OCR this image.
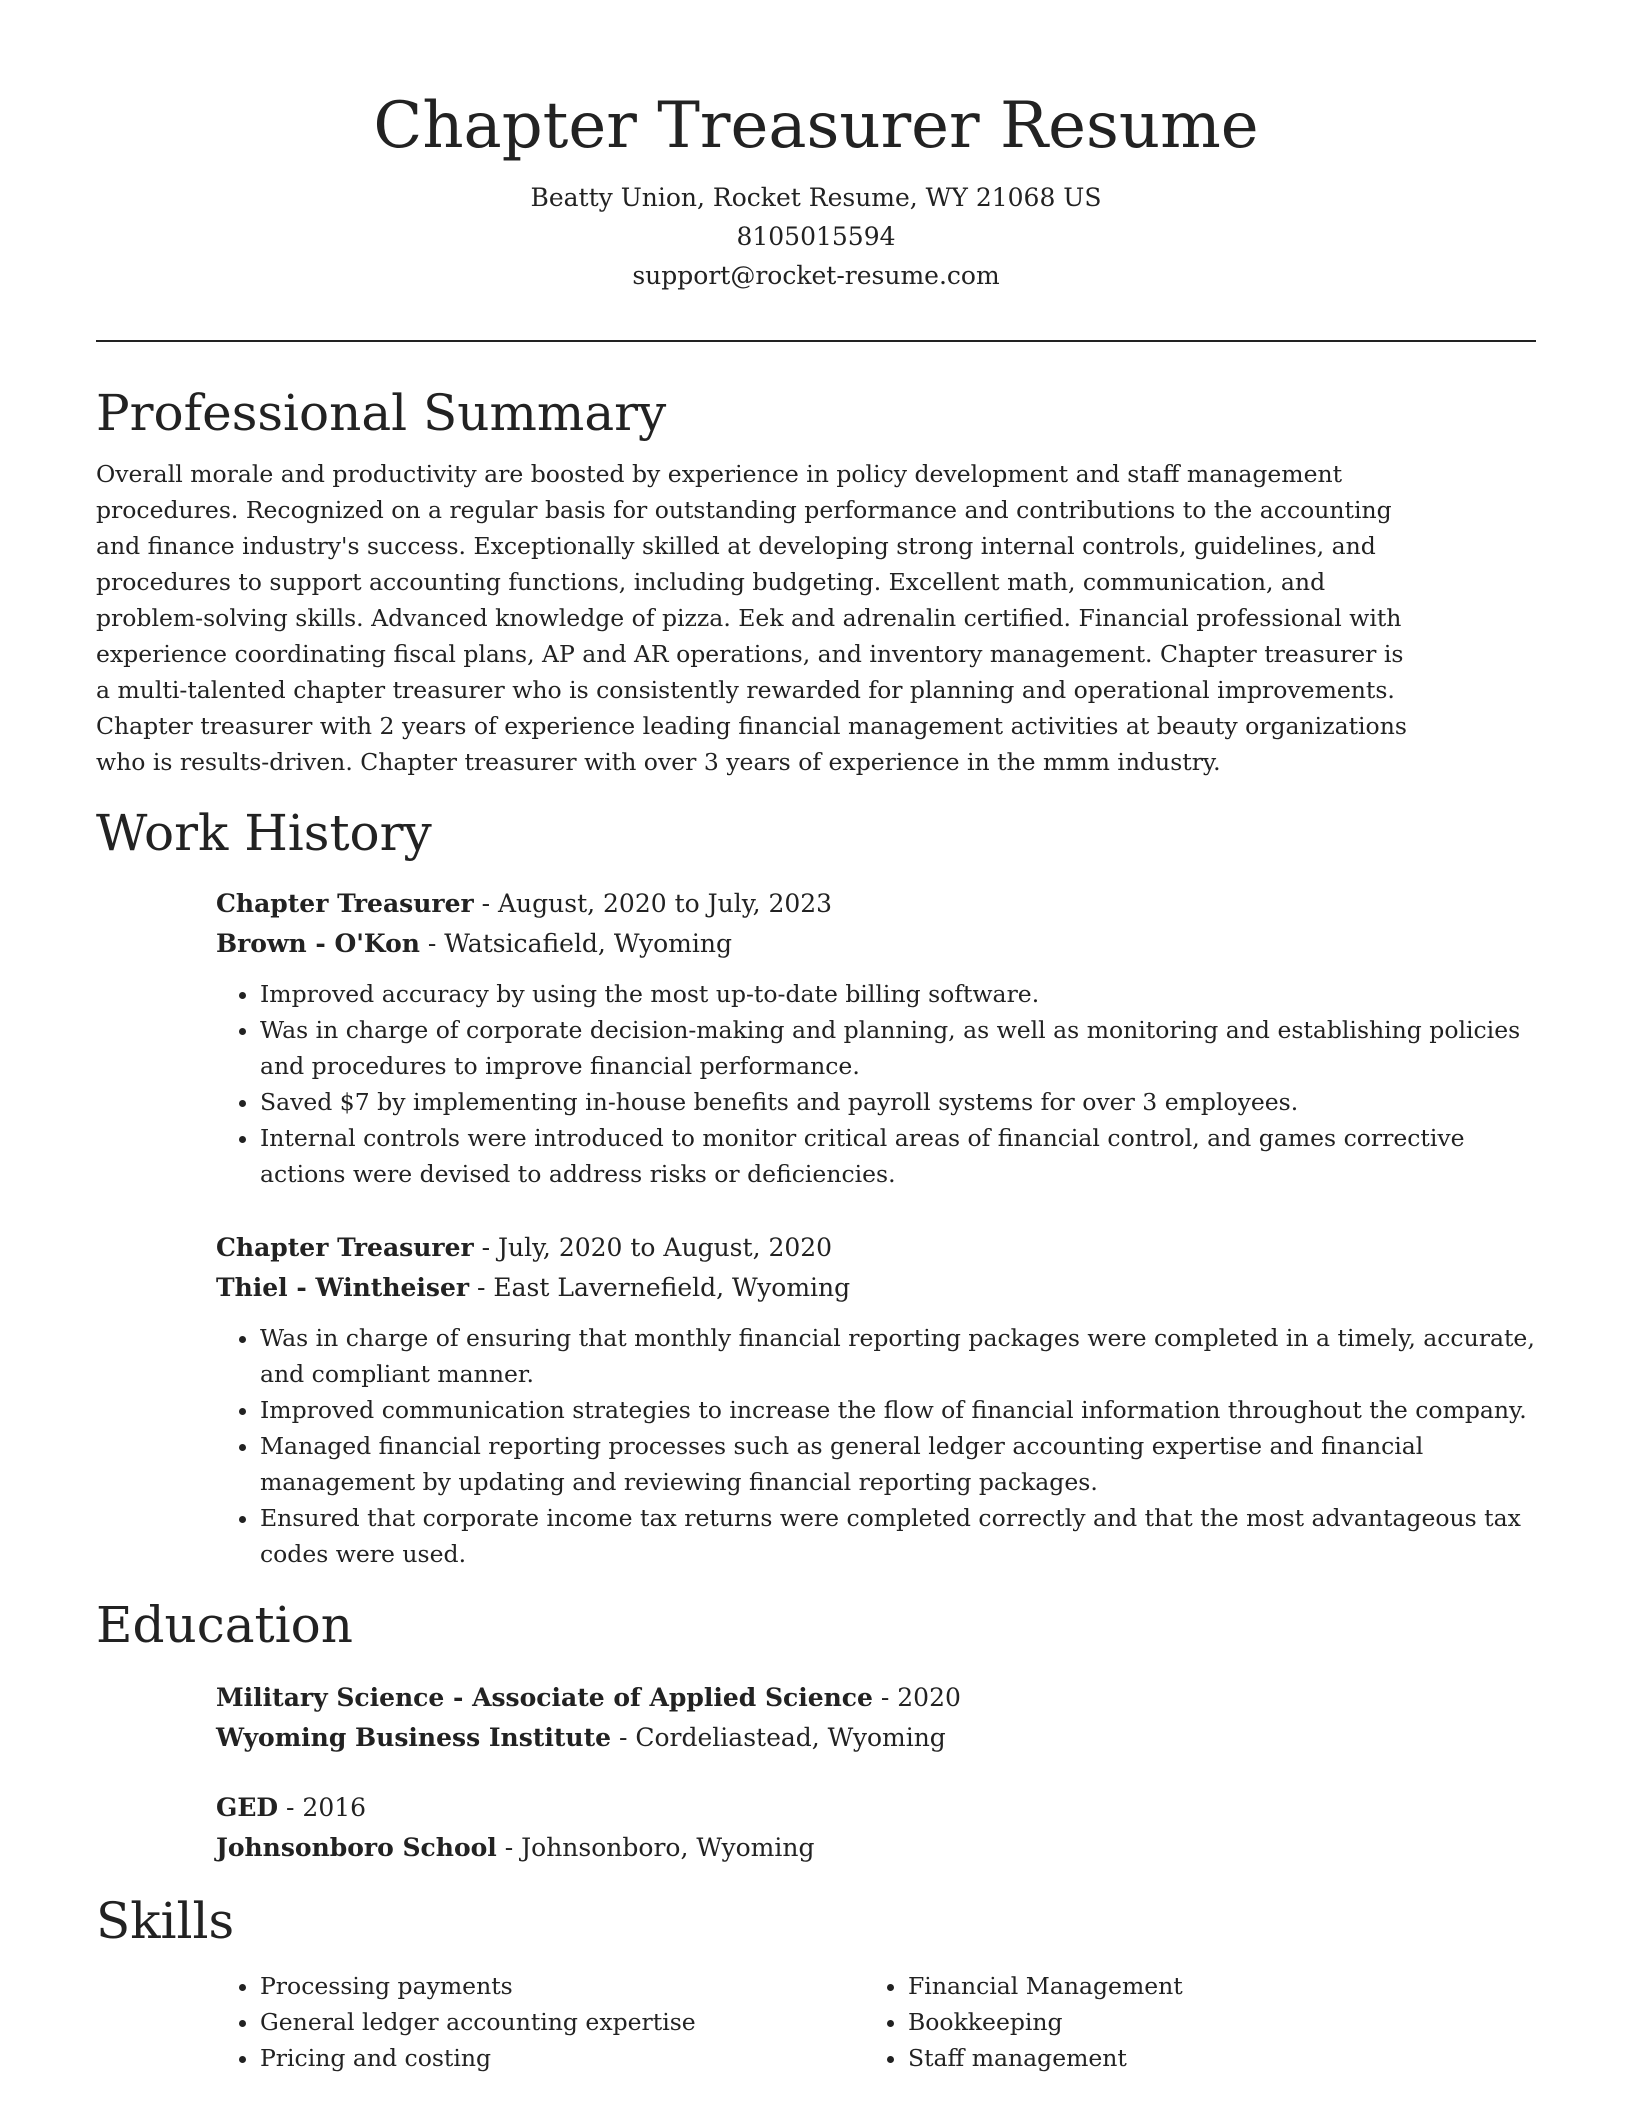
Chapter Treasurer Resume
Beatty Union, Rocket Resume, WY 21068 US
8105015594
support@rocket-resume.com
Professional Summary

Overall morale and productivity are boosted by experience in policy development and staff management procedures. Recognized on a regular basis for outstanding performance and contributions to the accounting and finance industry's success. Exceptionally skilled at developing strong internal controls, guidelines, and procedures to support accounting functions, including budgeting. Excellent math, communication, and problem-solving skills. Advanced knowledge of pizza. Eek and adrenalin certified. Financial professional with experience coordinating fiscal plans, AP and AR operations, and inventory management. Chapter treasurer is a multi-talented chapter treasurer who is consistently rewarded for planning and operational improvements. Chapter treasurer with 2 years of experience leading financial management activities at beauty organizations who is results-driven. Chapter treasurer with over 3 years of experience in the mmm industry.

Work History
Chapter Treasurer - August, 2020 to July, 2023
Brown - O'Kon - Watsicafield, Wyoming
• Improved accuracy by using the most up-to-date billing software.
• Was in charge of corporate decision-making and planning, as well as monitoring and establishing policies and procedures to improve financial performance.
• Saved $7 by implementing in-house benefits and payroll systems for over 3 employees.
• Internal controls were introduced to monitor critical areas of financial control, and games corrective actions were devised to address risks or deficiencies.
Chapter Treasurer - July, 2020 to August, 2020
Thiel - Wintheiser - East Lavernefield, Wyoming
• Was in charge of ensuring that monthly financial reporting packages were completed in a timely, accurate, and compliant manner.
• Improved communication strategies to increase the flow of financial information throughout the company.
• Managed financial reporting processes such as general ledger accounting expertise and financial management by updating and reviewing financial reporting packages.
• Ensured that corporate income tax returns were completed correctly and that the most advantageous tax codes were used.
Education
Military Science - Associate of Applied Science - 2020
Wyoming Business Institute - Cordeliastead, Wyoming
GED - 2016
Johnsonboro School - Johnsonboro, Wyoming
Skills
• Processing payments
• General ledger accounting expertise
• Pricing and costing
• Financial Management
• Bookkeeping
• Staff management
